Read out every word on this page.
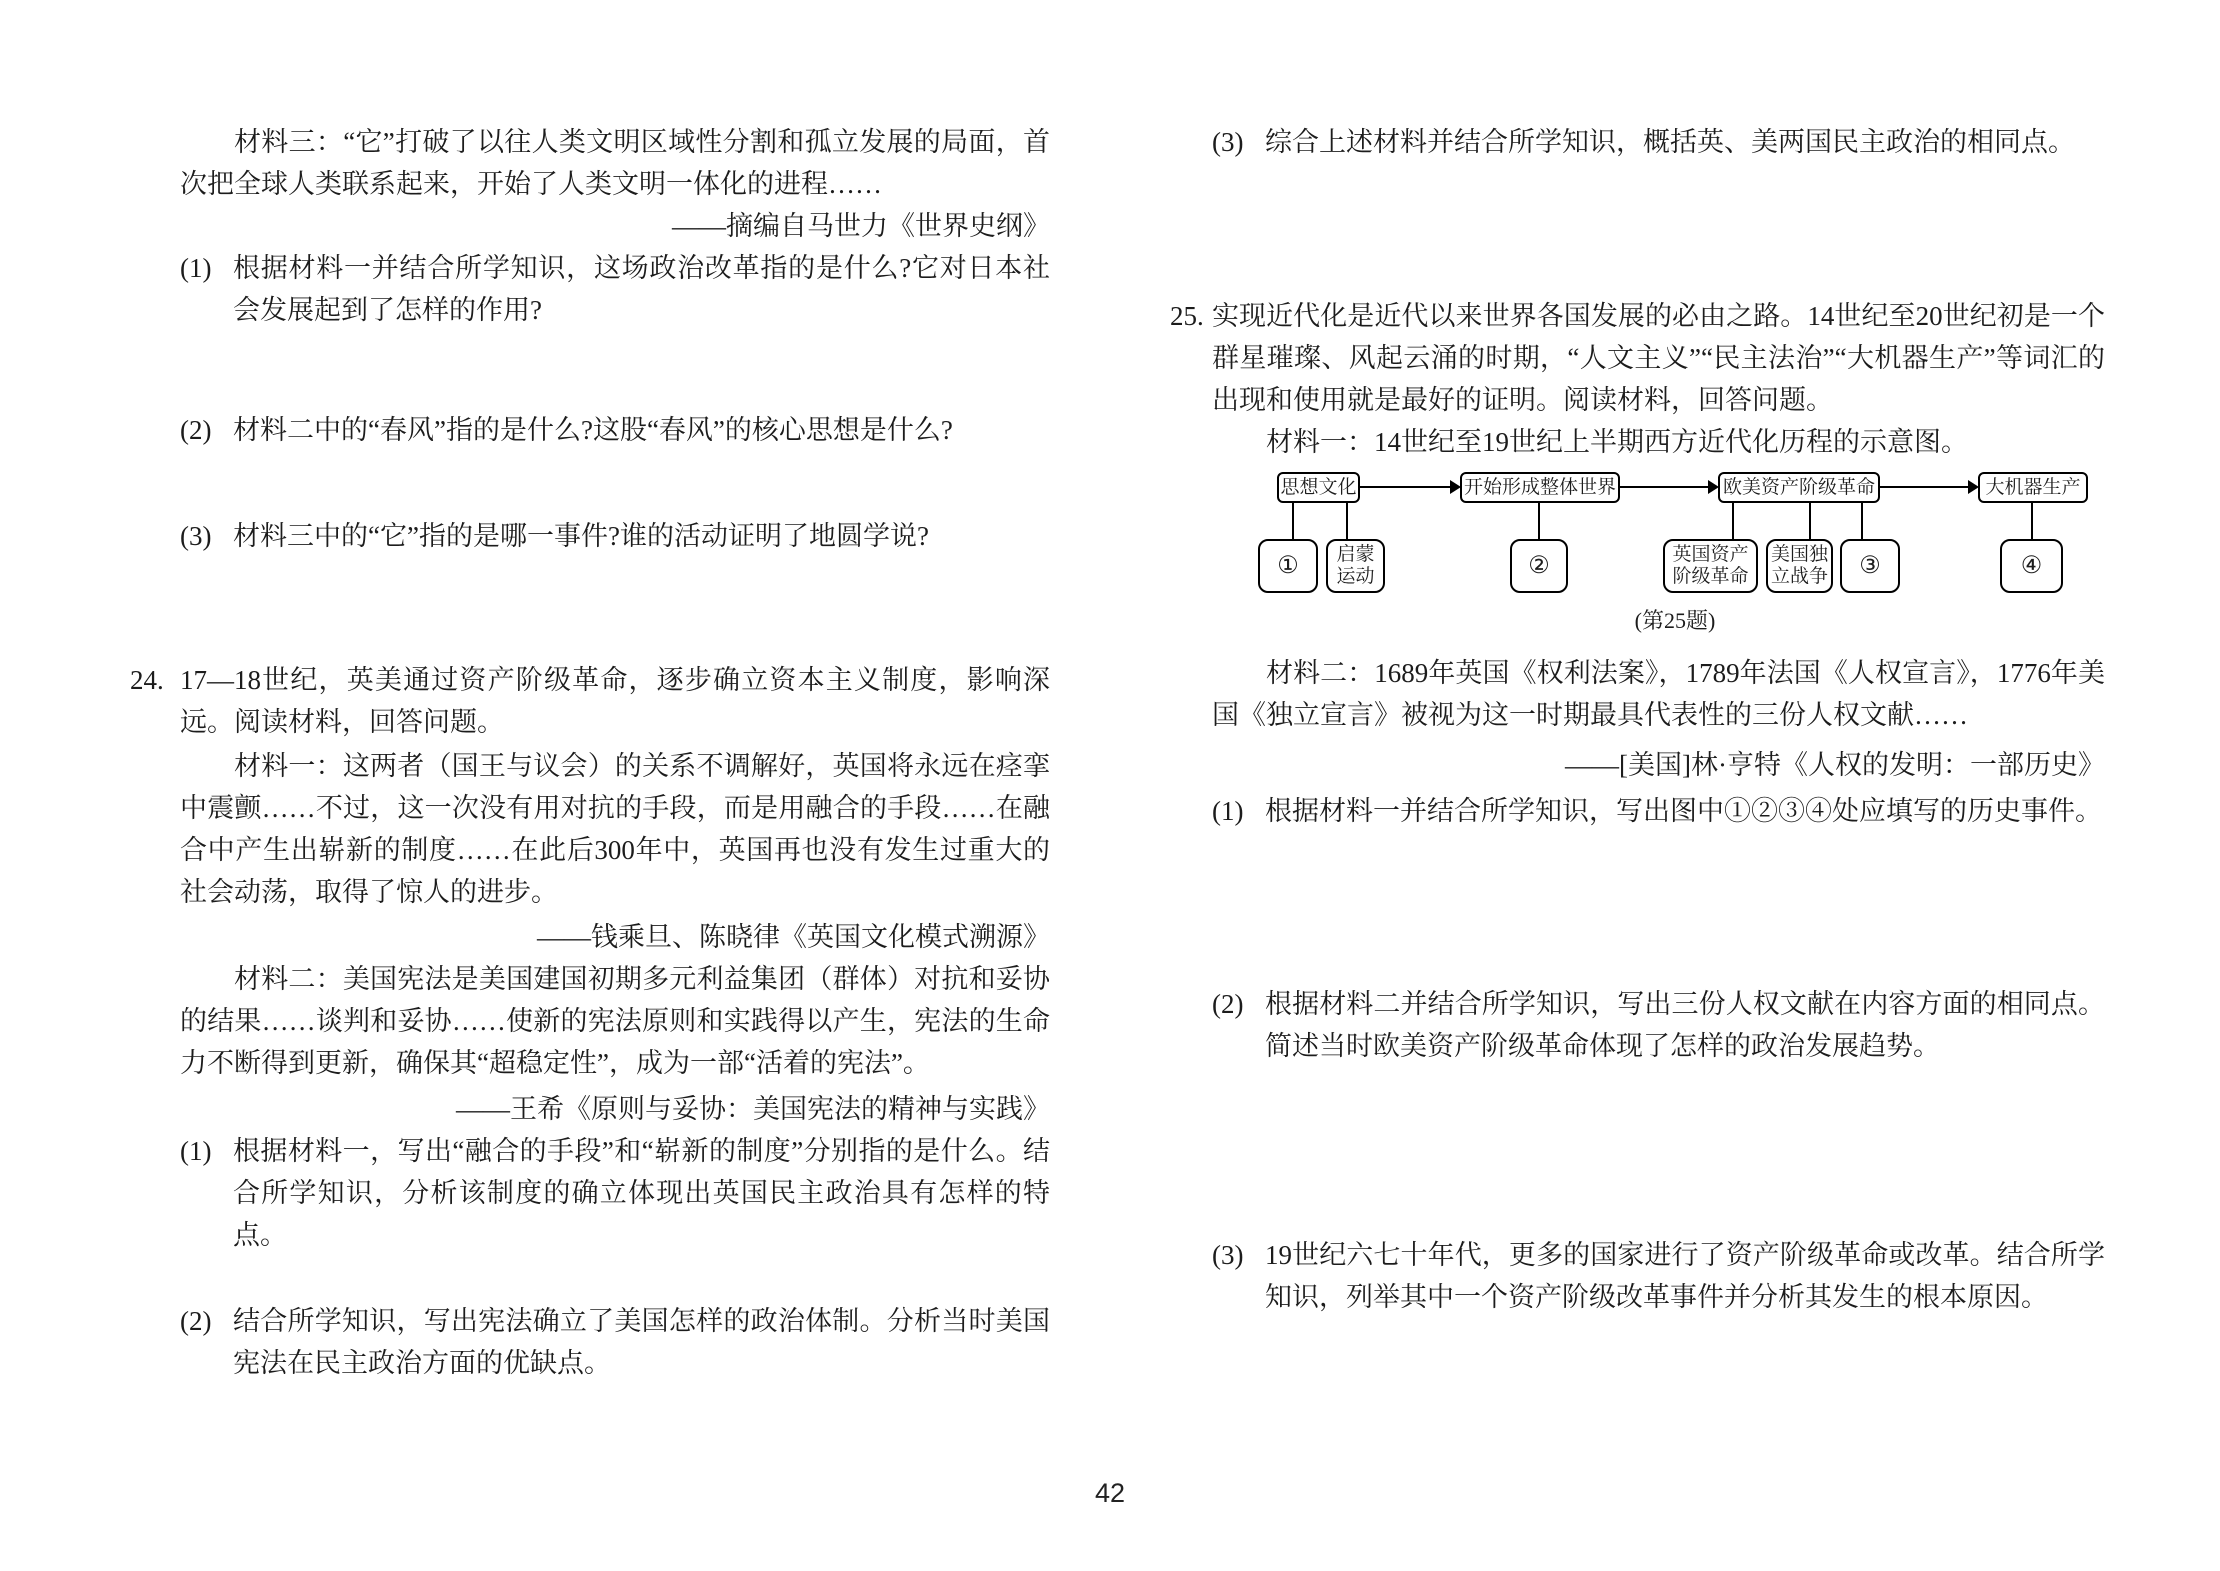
材料三：“它”打破了以往人类文明区域性分割和孤立发展的局面，首次把全球人类联系起来，开始了人类文明一体化的进程……

——摘编自马世力《世界史纲》

(1) 根据材料一并结合所学知识，这场政治改革指的是什么?它对日本社会发展起到了怎样的作用?
(2) 材料二中的“春风”指的是什么?这股“春风”的核心思想是什么?
(3) 材料三中的“它”指的是哪一事件?谁的活动证明了地圆学说?
24. 17—18世纪，英美通过资产阶级革命，逐步确立资本主义制度，影响深远。阅读材料，回答问题。

材料一：这两者（国王与议会）的关系不调解好，英国将永远在痉挛中震颤……不过，这一次没有用对抗的手段，而是用融合的手段……在融合中产生出崭新的制度……在此后300年中，英国再也没有发生过重大的社会动荡，取得了惊人的进步。

——钱乘旦、陈晓律《英国文化模式溯源》

材料二：美国宪法是美国建国初期多元利益集团（群体）对抗和妥协的结果……谈判和妥协……使新的宪法原则和实践得以产生，宪法的生命力不断得到更新，确保其“超稳定性”，成为一部“活着的宪法”。

——王希《原则与妥协：美国宪法的精神与实践》

(1) 根据材料一，写出“融合的手段”和“崭新的制度”分别指的是什么。结合所学知识，分析该制度的确立体现出英国民主政治具有怎样的特点。
(2) 结合所学知识，写出宪法确立了美国怎样的政治体制。分析当时美国宪法在民主政治方面的优缺点。
(3) 综合上述材料并结合所学知识，概括英、美两国民主政治的相同点。
25. 实现近代化是近代以来世界各国发展的必由之路。14世纪至20世纪初是一个群星璀璨、风起云涌的时期，“人文主义”“民主法治”“大机器生产”等词汇的出现和使用就是最好的证明。阅读材料，回答问题。

材料一：14世纪至19世纪上半期西方近代化历程的示意图。

思想文化	开始形成整体世界	欧美资产阶级革命	大机器生产
①	启蒙运动	②	英国资产阶级革命
美国独立战争	③	④

(第25题)

材料二：1689年英国《权利法案》，1789年法国《人权宣言》，1776年美国《独立宣言》被视为这一时期最具代表性的三份人权文献……

——[美国]林·亨特《人权的发明：一部历史》

(1) 根据材料一并结合所学知识，写出图中①②③④处应填写的历史事件。
(2) 根据材料二并结合所学知识，写出三份人权文献在内容方面的相同点。简述当时欧美资产阶级革命体现了怎样的政治发展趋势。
(3) 19世纪六七十年代，更多的国家进行了资产阶级革命或改革。结合所学知识，列举其中一个资产阶级改革事件并分析其发生的根本原因。
42
